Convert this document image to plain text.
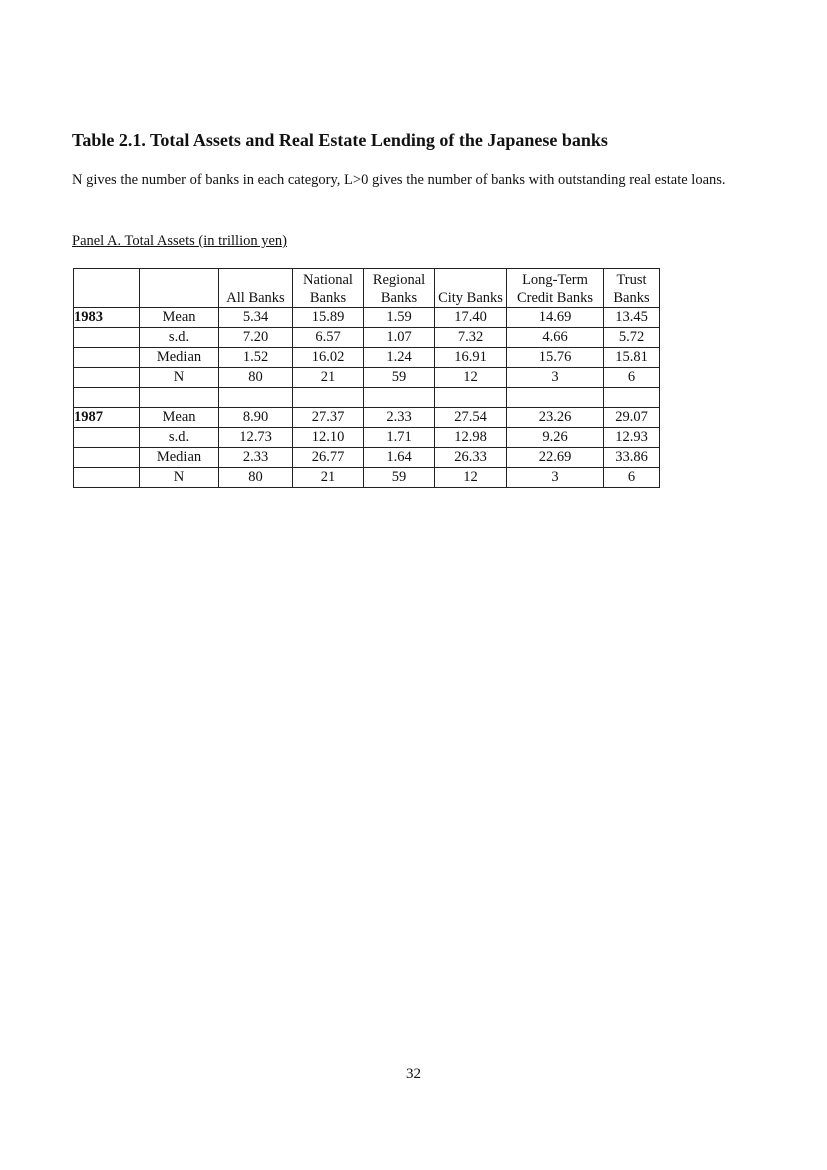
Table 2.1. Total Assets and Real Estate Lending of the Japanese banks
N gives the number of banks in each category, L>0 gives the number of banks with outstanding real estate loans.
Panel A. Total Assets (in trillion yen)
		All Banks	National Banks	Regional Banks	City Banks	Long-Term Credit Banks	Trust Banks
1983	Mean	5.34	15.89	1.59	17.40	14.69	13.45
	s.d.	7.20	6.57	1.07	7.32	4.66	5.72
	Median	1.52	16.02	1.24	16.91	15.76	15.81
	N	80	21	59	12	3	6

1987	Mean	8.90	27.37	2.33	27.54	23.26	29.07
	s.d.	12.73	12.10	1.71	12.98	9.26	12.93
	Median	2.33	26.77	1.64	26.33	22.69	33.86
	N	80	21	59	12	3	6
32
